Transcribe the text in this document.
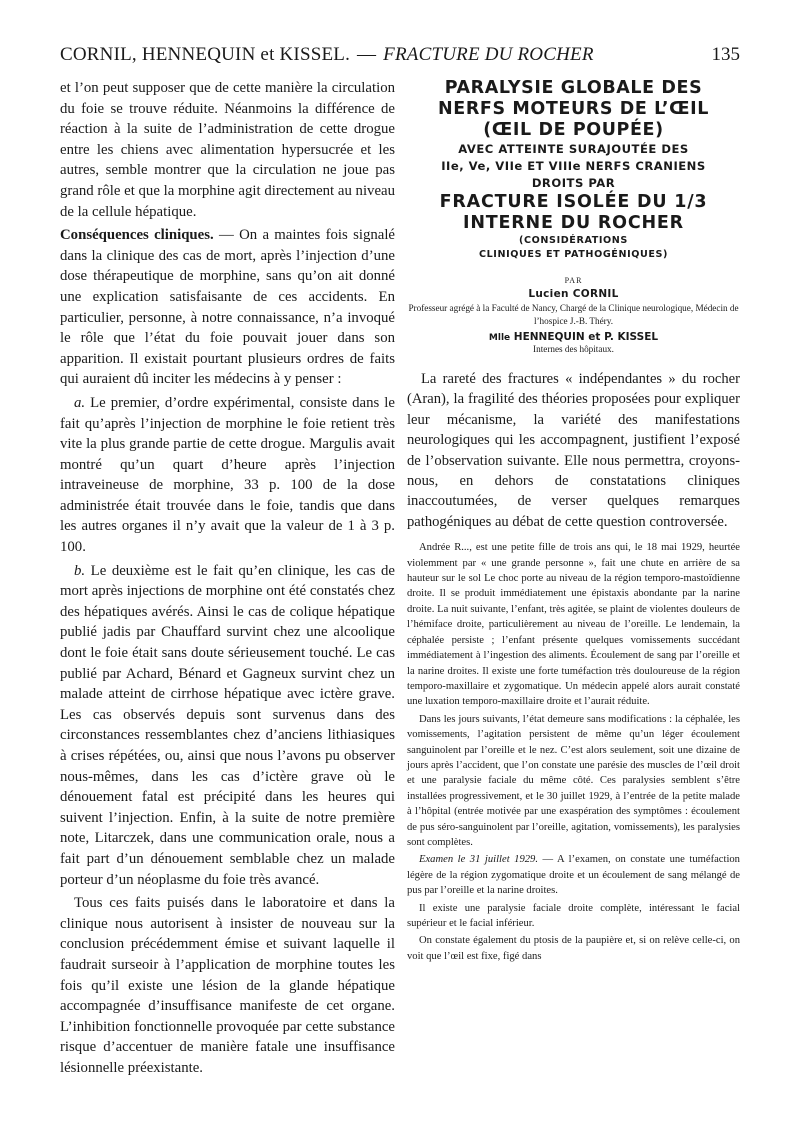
CORNIL, HENNEQUIN et KISSEL. — FRACTURE DU ROCHER	135

et l’on peut supposer que de cette manière la circulation du foie se trouve réduite. Néanmoins la différence de réaction à la suite de l’administration de cette drogue entre les chiens avec alimentation hypersucrée et les autres, semble montrer que la circulation ne joue pas grand rôle et que la morphine agit directement au niveau de la cellule hépatique.

Conséquences cliniques. — On a maintes fois signalé dans la clinique des cas de mort, après l’injection d’une dose thérapeutique de morphine, sans qu’on ait donné une explication satisfaisante de ces accidents. En particulier, personne, à notre connaissance, n’a invoqué le rôle que l’état du foie pouvait jouer dans son apparition. Il existait pourtant plusieurs ordres de faits qui auraient dû inciter les médecins à y penser :

a. Le premier, d’ordre expérimental, consiste dans le fait qu’après l’injection de morphine le foie retient très vite la plus grande partie de cette drogue. Margulis avait montré qu’un quart d’heure après l’injection intraveineuse de morphine, 33 p. 100 de la dose administrée était trouvée dans le foie, tandis que dans les autres organes il n’y avait que la valeur de 1 à 3 p. 100.

b. Le deuxième est le fait qu’en clinique, les cas de mort après injections de morphine ont été constatés chez des hépatiques avérés. Ainsi le cas de colique hépatique publié jadis par Chauffard survint chez une alcoolique dont le foie était sans doute sérieusement touché. Le cas publié par Achard, Bénard et Gagneux survint chez un malade atteint de cirrhose hépatique avec ictère grave. Les cas observés depuis sont survenus dans des circonstances ressemblantes chez d’anciens lithiasiques à crises répétées, ou, ainsi que nous l’avons pu observer nous-mêmes, dans les cas d’ictère grave où le dénouement fatal est précipité dans les heures qui suivent l’injection. Enfin, à la suite de notre première note, Litarczek, dans une communication orale, nous a fait part d’un dénouement semblable chez un malade porteur d’un néoplasme du foie très avancé.

Tous ces faits puisés dans le laboratoire et dans la clinique nous autorisent à insister de nouveau sur la conclusion précédemment émise et suivant laquelle il faudrait surseoir à l’application de morphine toutes les fois qu’il existe une lésion de la glande hépatique accompagnée d’insuffisance manifeste de cet organe. L’inhibition fonctionnelle provoquée par cette substance risque d’accentuer de manière fatale une insuffisance lésionnelle préexistante.

PARALYSIE GLOBALE DES

NERFS MOTEURS DE L’ŒIL

(ŒIL DE POUPÉE)

AVEC ATTEINTE SURAJOUTÉE DES

IIe, Ve, VIIe ET VIIIe NERFS CRANIENS

DROITS PAR

FRACTURE ISOLÉE DU 1/3

INTERNE DU ROCHER

(CONSIDÉRATIONS

CLINIQUES ET PATHOGÉNIQUES)

PAR
Lucien CORNIL
Professeur agrégé à la Faculté de Nancy, Chargé de la Clinique neurologique, Médecin de l’hospice J.-B. Théry.
Mlle HENNEQUIN et P. KISSEL
Internes des hôpitaux.

La rareté des fractures « indépendantes » du rocher (Aran), la fragilité des théories proposées pour expliquer leur mécanisme, la variété des manifestations neurologiques qui les accompagnent, justifient l’exposé de l’observation suivante. Elle nous permettra, croyons-nous, en dehors de constatations cliniques inaccoutumées, de verser quelques remarques pathogéniques au débat de cette question controversée.

Andrée R..., est une petite fille de trois ans qui, le 18 mai 1929, heurtée violemment par « une grande personne », fait une chute en arrière de sa hauteur sur le sol Le choc porte au niveau de la région temporo-mastoïdienne droite. Il se produit immédiatement une épistaxis abondante par la narine droite. La nuit suivante, l’enfant, très agitée, se plaint de violentes douleurs de l’hémiface droite, particulièrement au niveau de l’oreille. Le lendemain, la céphalée persiste ; l’enfant présente quelques vomissements succédant immédiatement à l’ingestion des aliments. Écoulement de sang par l’oreille et la narine droites. Il existe une forte tuméfaction très douloureuse de la région temporo-maxillaire et zygomatique. Un médecin appelé alors aurait constaté une luxation temporo-maxillaire droite et l’aurait réduite.

Dans les jours suivants, l’état demeure sans modifications : la céphalée, les vomissements, l’agitation persistent de même qu’un léger écoulement sanguinolent par l’oreille et le nez. C’est alors seulement, soit une dizaine de jours après l’accident, que l’on constate une parésie des muscles de l’œil droit et une paralysie faciale du même côté. Ces paralysies semblent s’être installées progressivement, et le 30 juillet 1929, à l’entrée de la petite malade à l’hôpital (entrée motivée par une exaspération des symptômes : écoulement de pus séro-sanguinolent par l’oreille, agitation, vomissements), les paralysies sont complètes.

Examen le 31 juillet 1929. — A l’examen, on constate une tuméfaction légère de la région zygomatique droite et un écoulement de sang mélangé de pus par l’oreille et la narine droites.

Il existe une paralysie faciale droite complète, intéressant le facial supérieur et le facial inférieur.

On constate également du ptosis de la paupière et, si on relève celle-ci, on voit que l’œil est fixe, figé dans
